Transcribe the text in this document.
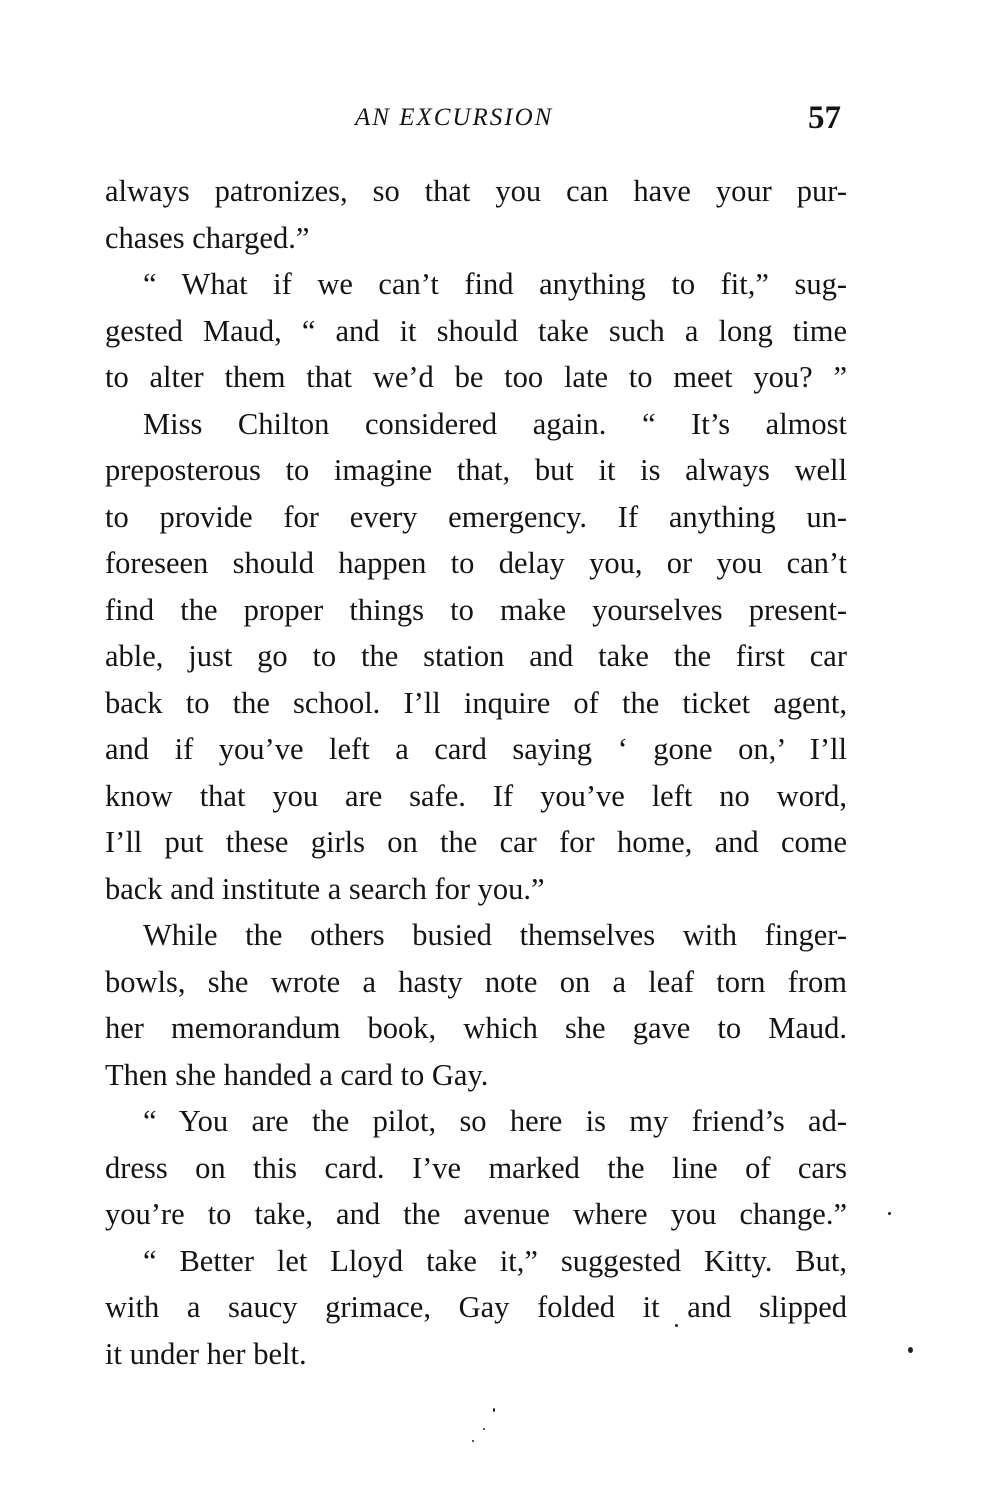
AN EXCURSION	57
always patronizes, so that you can have your pur-
chases charged.”
“ What if we can’t find anything to fit,” sug-
gested Maud, “ and it should take such a long time
to alter them that we’d be too late to meet you? ”
Miss Chilton considered again. “ It’s almost
preposterous to imagine that, but it is always well
to provide for every emergency. If anything un-
foreseen should happen to delay you, or you can’t
find the proper things to make yourselves present-
able, just go to the station and take the first car
back to the school. I’ll inquire of the ticket agent,
and if you’ve left a card saying ‘ gone on,’ I’ll
know that you are safe. If you’ve left no word,
I’ll put these girls on the car for home, and come
back and institute a search for you.”
While the others busied themselves with finger-
bowls, she wrote a hasty note on a leaf torn from
her memorandum book, which she gave to Maud.
Then she handed a card to Gay.
“ You are the pilot, so here is my friend’s ad-
dress on this card. I’ve marked the line of cars
you’re to take, and the avenue where you change.”
“ Better let Lloyd take it,” suggested Kitty. But,
with a saucy grimace, Gay folded it and slipped
it under her belt.
